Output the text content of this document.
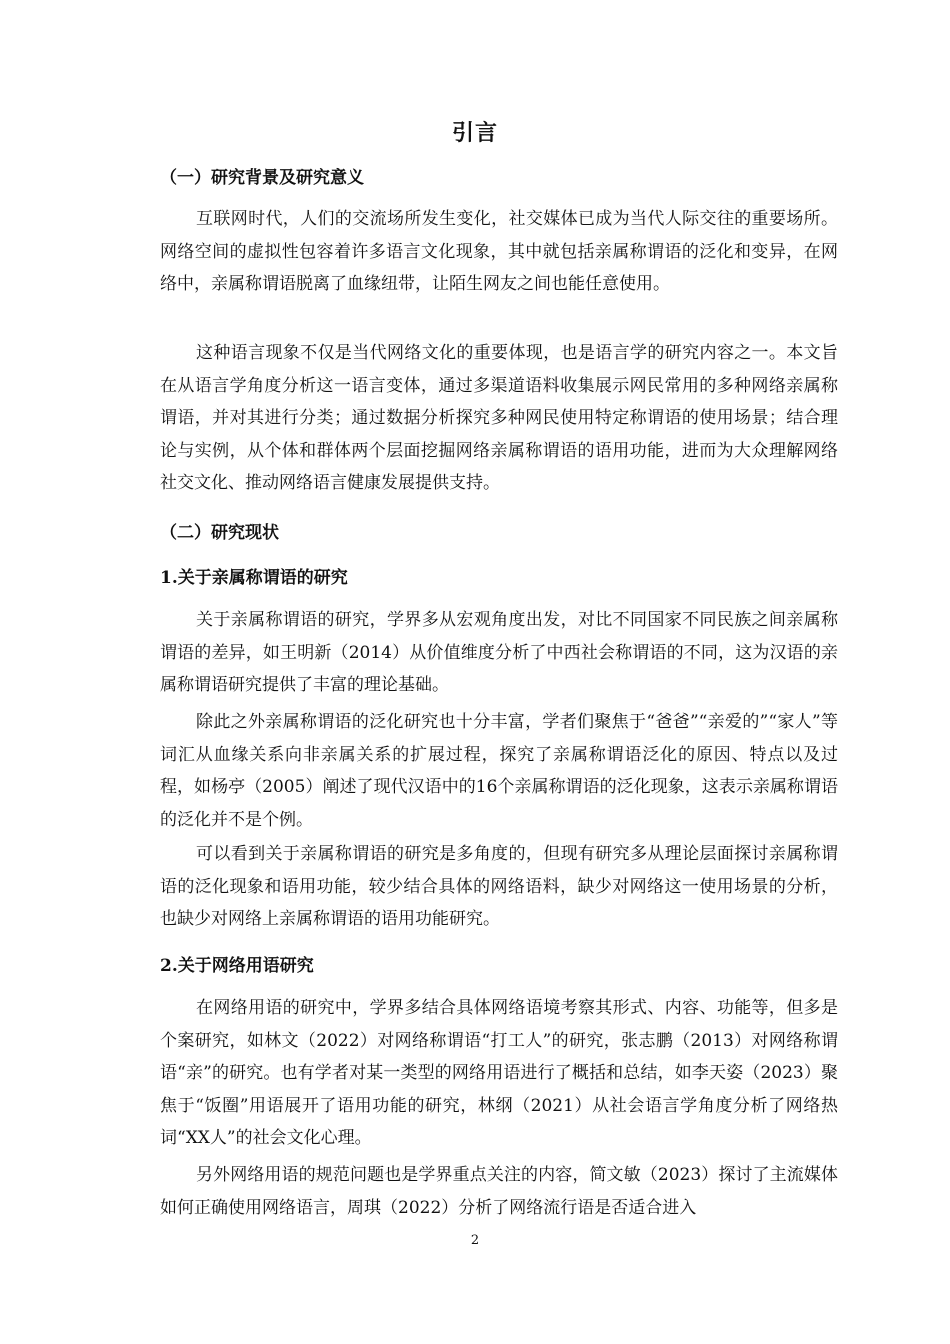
引言
（一）研究背景及研究意义

互联网时代，人们的交流场所发生变化，社交媒体已成为当代人际交往的重要场所。网络空间的虚拟性包容着许多语言文化现象，其中就包括亲属称谓语的泛化和变异，在网络中，亲属称谓语脱离了血缘纽带，让陌生网友之间也能任意使用。

这种语言现象不仅是当代网络文化的重要体现，也是语言学的研究内容之一。本文旨在从语言学角度分析这一语言变体，通过多渠道语料收集展示网民常用的多种网络亲属称谓语，并对其进行分类；通过数据分析探究多种网民使用特定称谓语的使用场景；结合理论与实例，从个体和群体两个层面挖掘网络亲属称谓语的语用功能，进而为大众理解网络社交文化、推动网络语言健康发展提供支持。

（二）研究现状
1.关于亲属称谓语的研究

关于亲属称谓语的研究，学界多从宏观角度出发，对比不同国家不同民族之间亲属称谓语的差异，如王明新（2014）从价值维度分析了中西社会称谓语的不同，这为汉语的亲属称谓语研究提供了丰富的理论基础。

除此之外亲属称谓语的泛化研究也十分丰富，学者们聚焦于“爸爸”“亲爱的”“家人”等词汇从血缘关系向非亲属关系的扩展过程，探究了亲属称谓语泛化的原因、特点以及过程，如杨亭（2005）阐述了现代汉语中的16个亲属称谓语的泛化现象，这表示亲属称谓语的泛化并不是个例。

可以看到关于亲属称谓语的研究是多角度的，但现有研究多从理论层面探讨亲属称谓语的泛化现象和语用功能，较少结合具体的网络语料，缺少对网络这一使用场景的分析，也缺少对网络上亲属称谓语的语用功能研究。

2.关于网络用语研究

在网络用语的研究中，学界多结合具体网络语境考察其形式、内容、功能等，但多是个案研究，如林文（2022）对网络称谓语“打工人”的研究，张志鹏（2013）对网络称谓语“亲”的研究。也有学者对某一类型的网络用语进行了概括和总结，如李天姿（2023）聚焦于“饭圈”用语展开了语用功能的研究，林纲（2021）从社会语言学角度分析了网络热词“XX人”的社会文化心理。

另外网络用语的规范问题也是学界重点关注的内容，简文敏（2023）探讨了主流媒体如何正确使用网络语言，周琪（2022）分析了网络流行语是否适合进入

2
